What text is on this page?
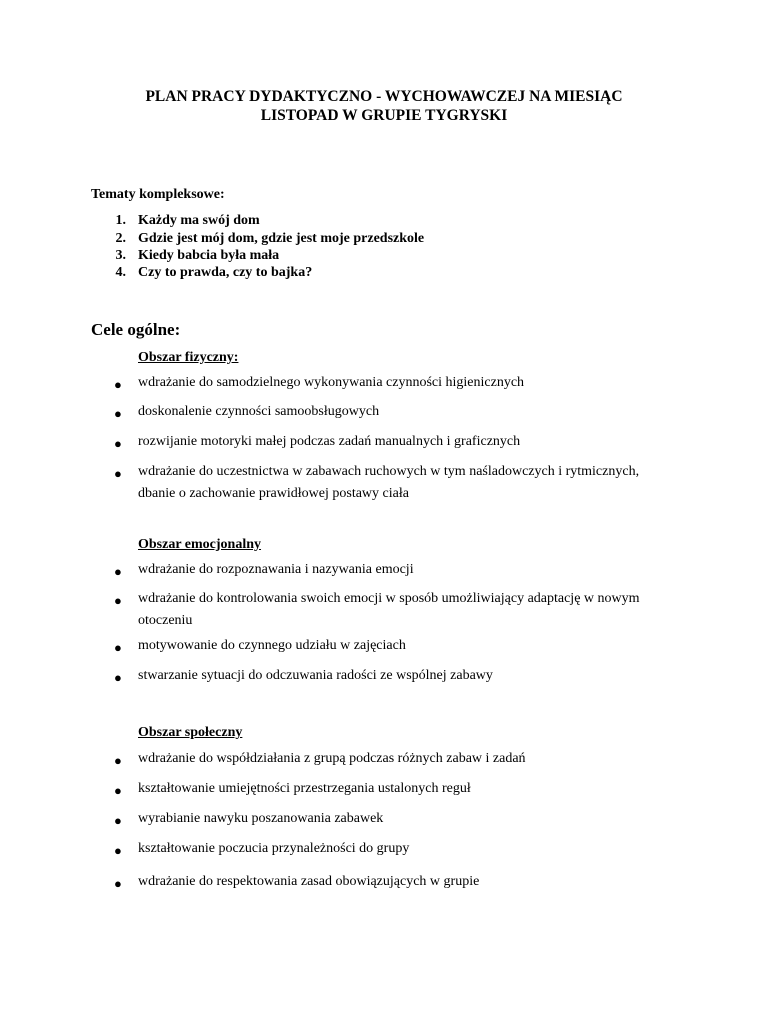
PLAN PRACY DYDAKTYCZNO - WYCHOWAWCZEJ NA MIESIĄC
LISTOPAD W GRUPIE TYGRYSKI
Tematy kompleksowe:
1. Każdy ma swój dom
2. Gdzie jest mój dom, gdzie jest moje przedszkole
3. Kiedy babcia była mała
4. Czy to prawda, czy to bajka?
Cele ogólne:
Obszar fizyczny:
● wdrażanie do samodzielnego wykonywania czynności higienicznych
● doskonalenie czynności samoobsługowych
● rozwijanie motoryki małej podczas zadań manualnych i graficznych
● wdrażanie do uczestnictwa w zabawach ruchowych w tym naśladowczych i rytmicznych, dbanie o zachowanie prawidłowej postawy ciała
Obszar emocjonalny
● wdrażanie do rozpoznawania i nazywania emocji
● wdrażanie do kontrolowania swoich emocji w sposób umożliwiający adaptację w nowym otoczeniu
● motywowanie do czynnego udziału w zajęciach
● stwarzanie sytuacji do odczuwania radości ze wspólnej zabawy
Obszar społeczny
● wdrażanie do współdziałania z grupą podczas różnych zabaw i zadań
● kształtowanie umiejętności przestrzegania ustalonych reguł
● wyrabianie nawyku poszanowania zabawek
● kształtowanie poczucia przynależności do grupy
● wdrażanie do respektowania zasad obowiązujących w grupie
